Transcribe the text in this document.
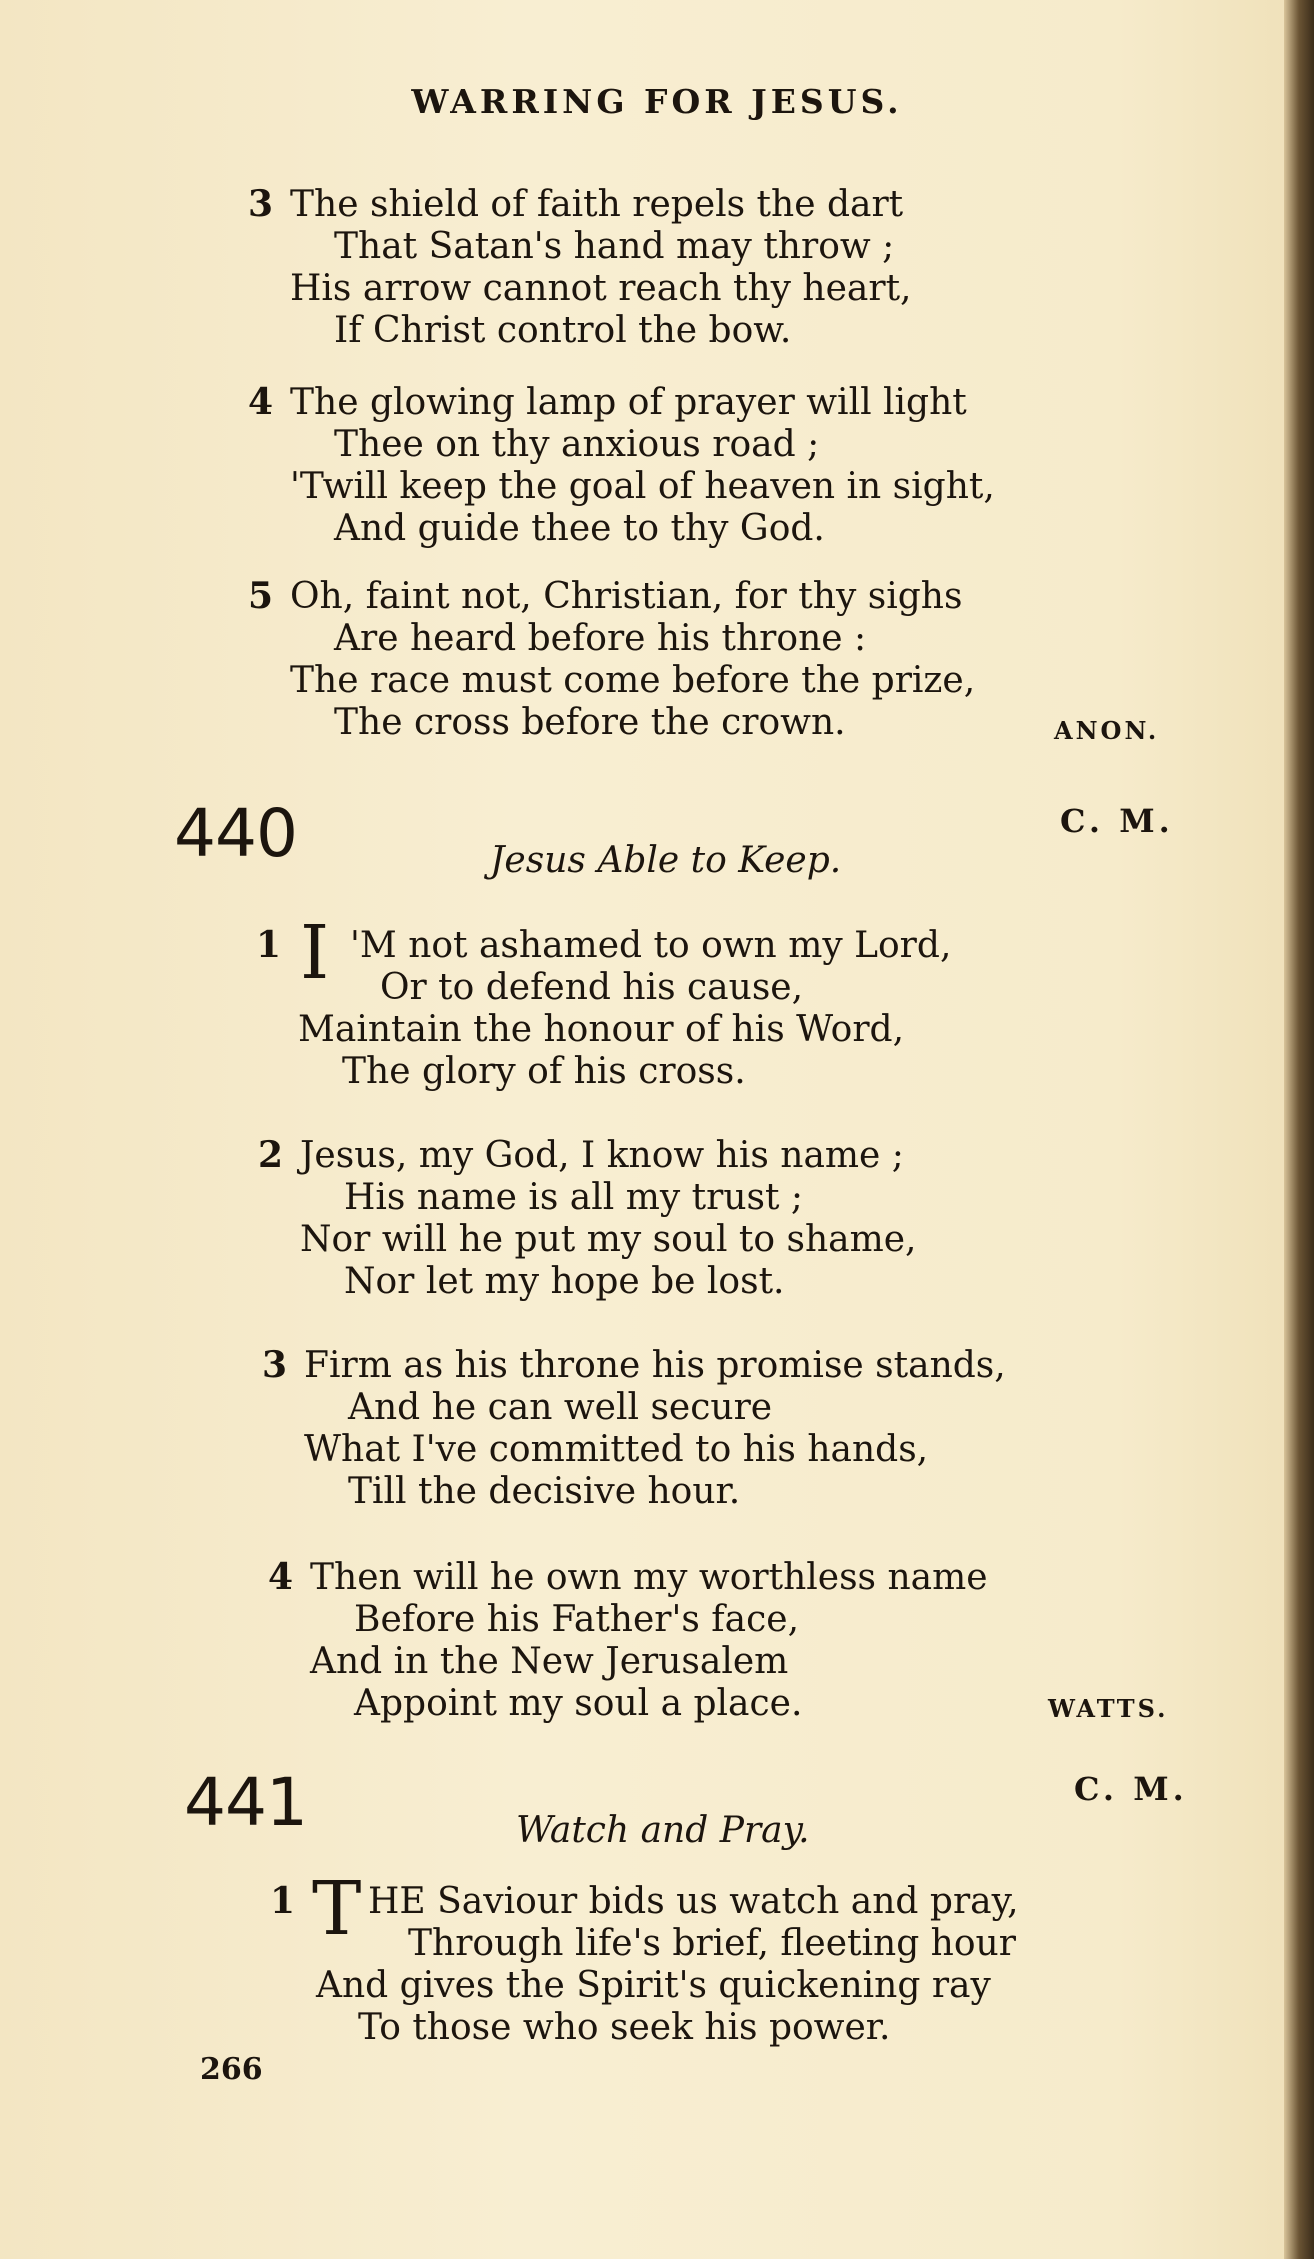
WARRING FOR JESUS.
3 The shield of faith repels the dart
That Satan's hand may throw ;
His arrow cannot reach thy heart,
If Christ control the bow.
4 The glowing lamp of prayer will light
Thee on thy anxious road ;
'Twill keep the goal of heaven in sight,
And guide thee to thy God.
5 Oh, faint not, Christian, for thy sighs
Are heard before his throne :
The race must come before the prize,
The cross before the crown.	ANON.
440	C. M.
Jesus Able to Keep.
1 'M not ashamed to own my Lord,
Or to defend his cause,
Maintain the honour of his Word,
The glory of his cross.
I
2 Jesus, my God, I know his name ;
His name is all my trust ;
Nor will he put my soul to shame,
Nor let my hope be lost.
3 Firm as his throne his promise stands,
And he can well secure
What I've committed to his hands,
Till the decisive hour.
4 Then will he own my worthless name
Before his Father's face,
And in the New Jerusalem
Appoint my soul a place.	WATTS.
441	C. M.
Watch and Pray.
1 HE Saviour bids us watch and pray,
Through life's brief, fleeting hour
And gives the Spirit's quickening ray
To those who seek his power.
T
266
